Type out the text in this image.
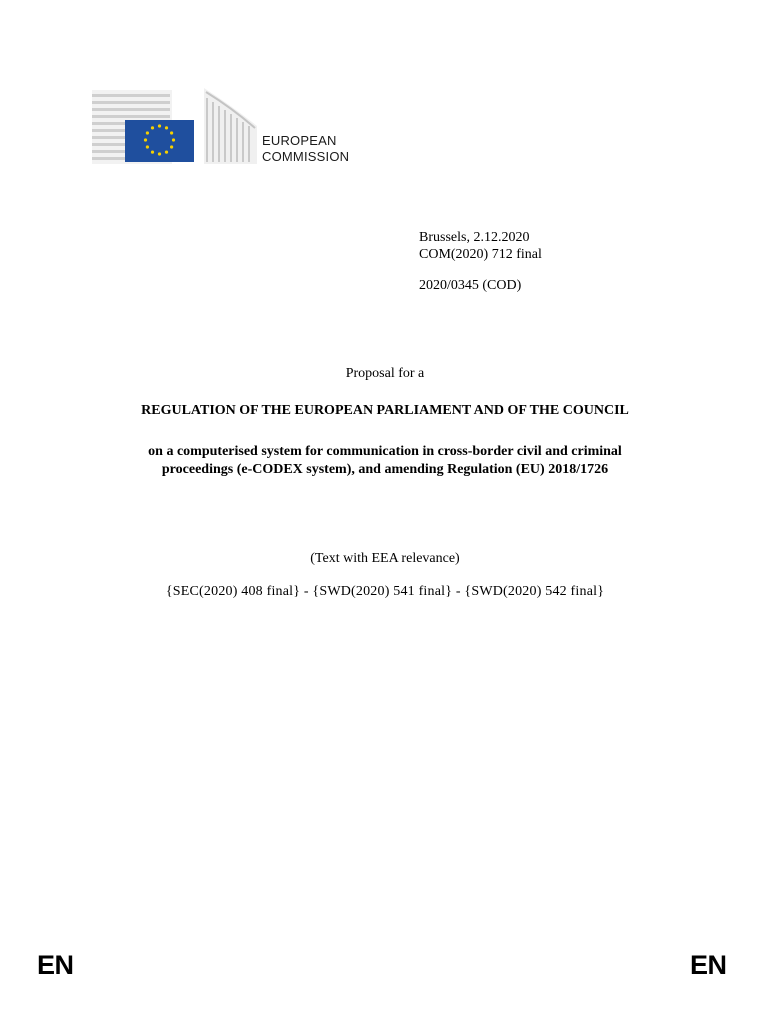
EUROPEAN
COMMISSION
Brussels, 2.12.2020
COM(2020) 712 final
2020/0345 (COD)
Proposal for a
REGULATION OF THE EUROPEAN PARLIAMENT AND OF THE COUNCIL
on a computerised system for communication in cross-border civil and criminal
proceedings (e-CODEX system), and amending Regulation (EU) 2018/1726
(Text with EEA relevance)
{SEC(2020) 408 final} - {SWD(2020) 541 final} - {SWD(2020) 542 final}
EN	EN
